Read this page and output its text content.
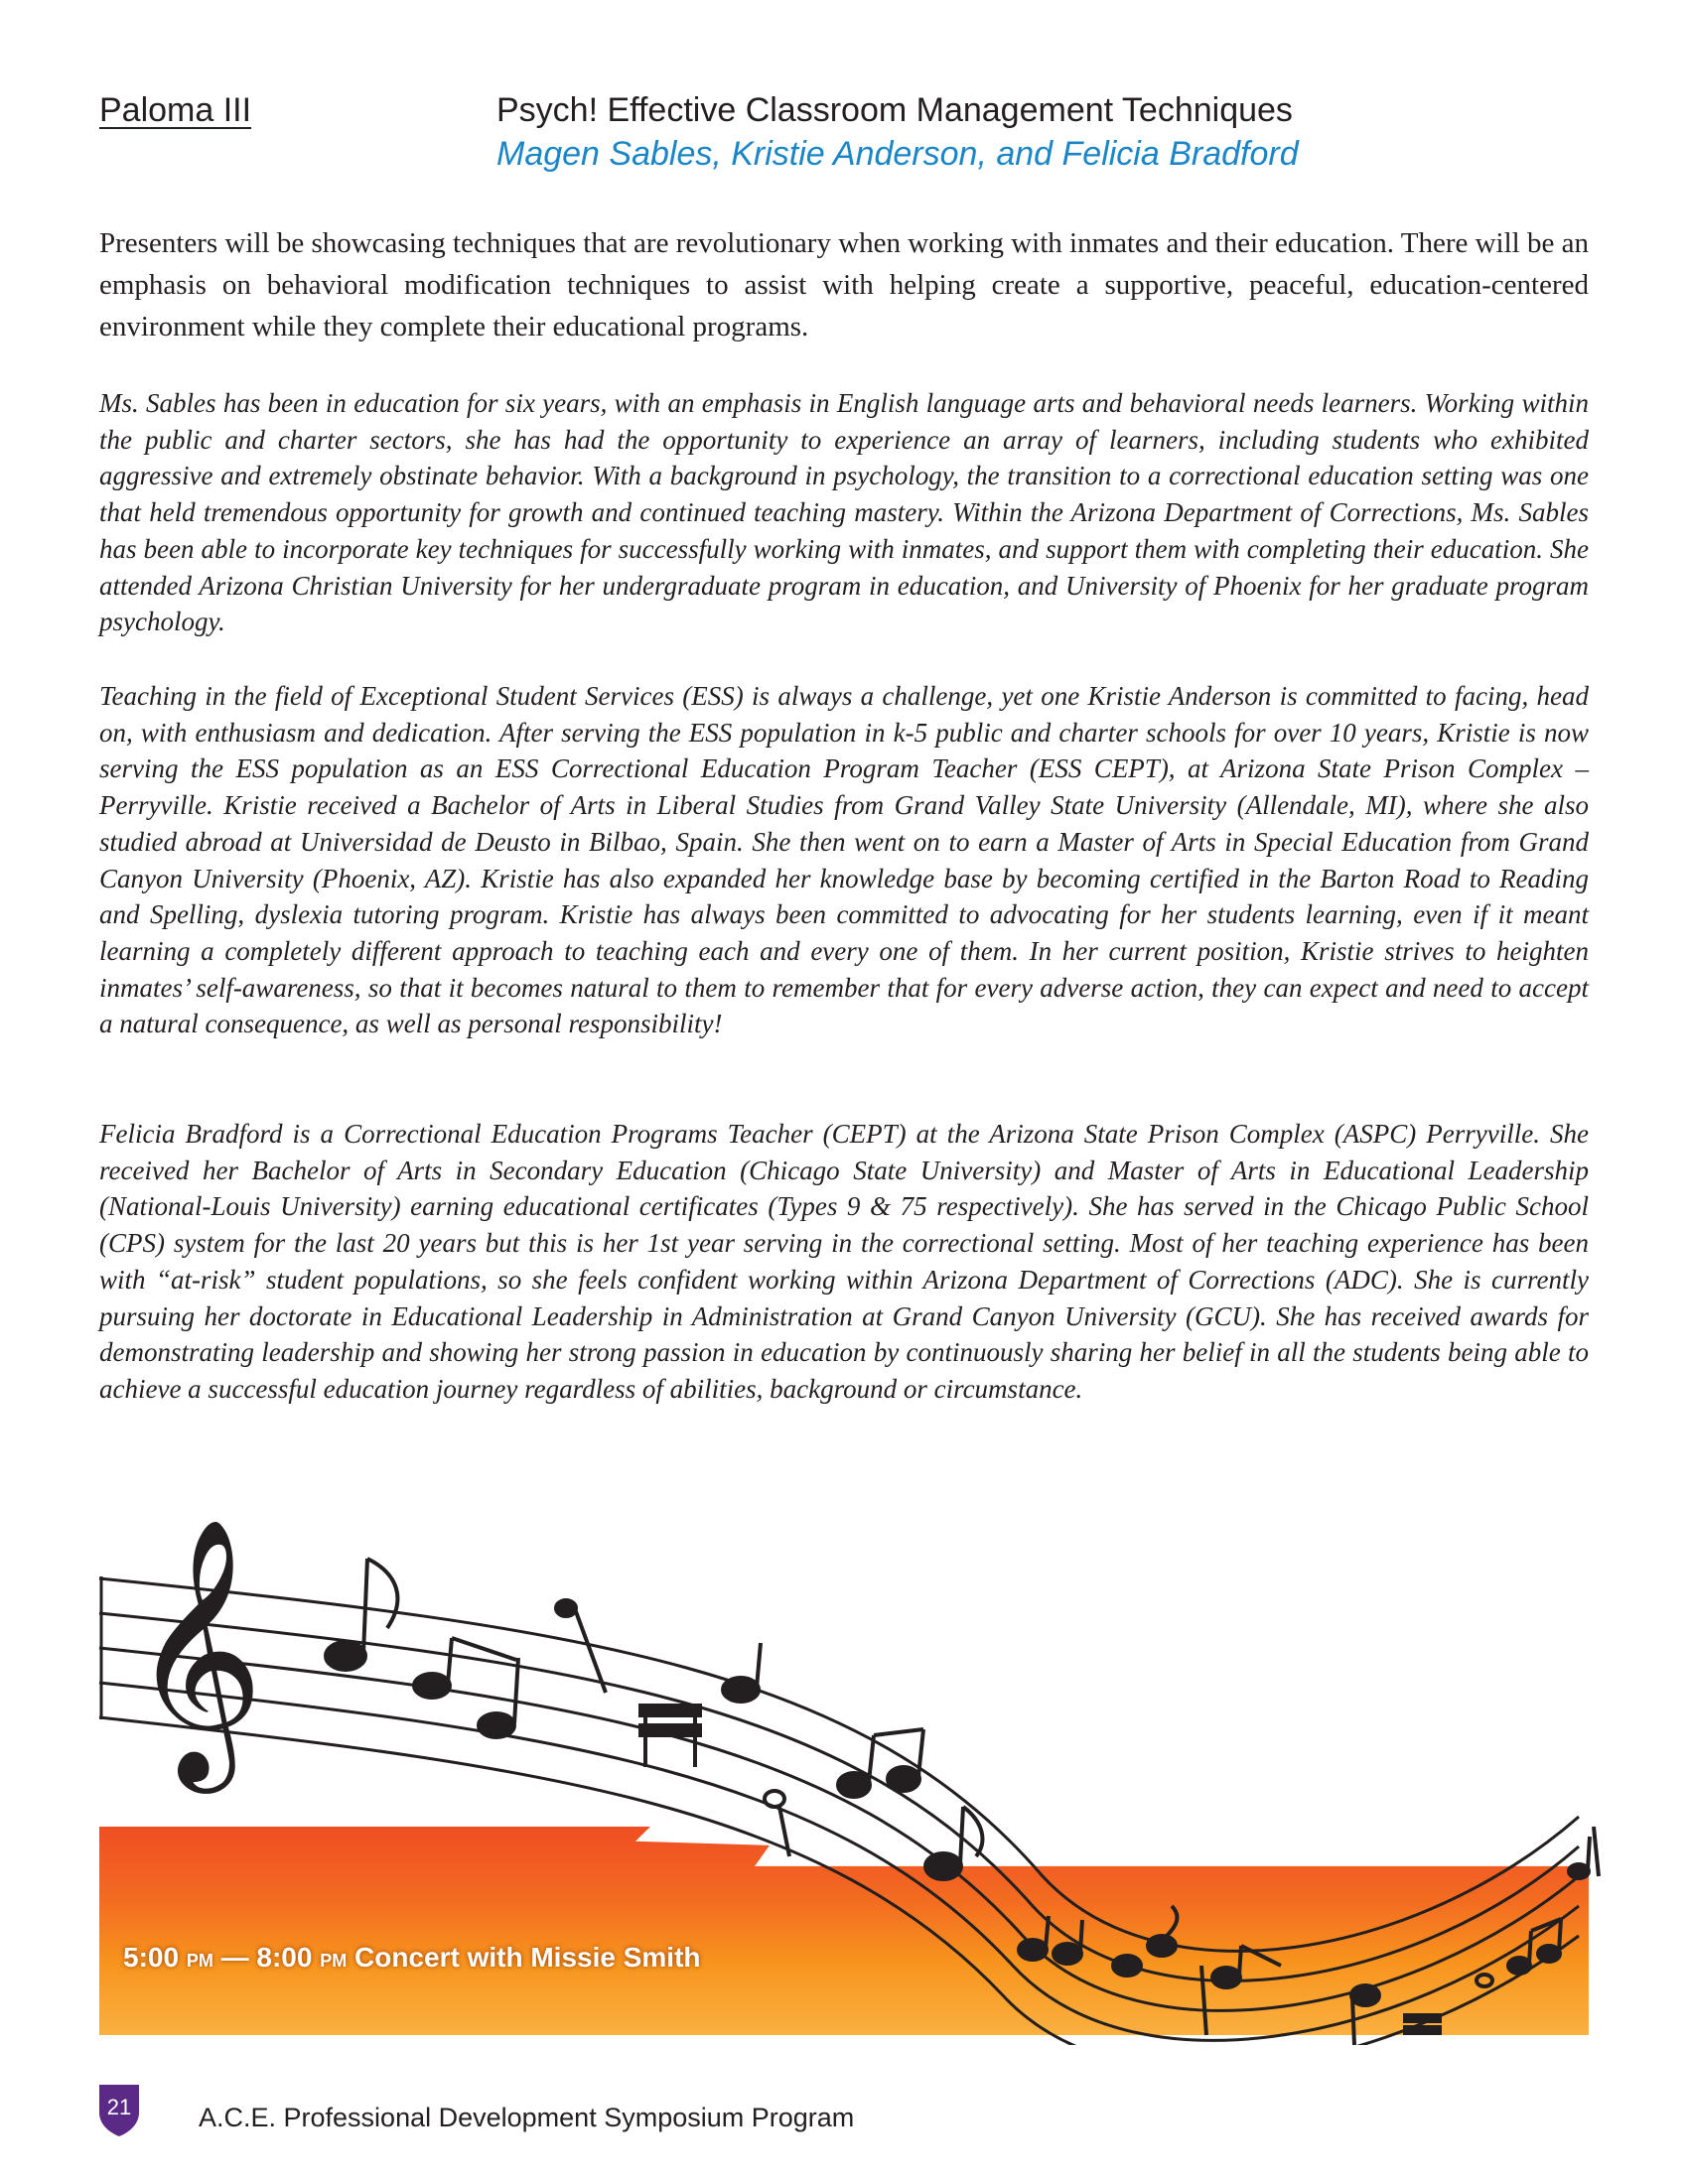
Paloma III	Psych! Effective Classroom Management Techniques
Magen Sables, Kristie Anderson, and Felicia Bradford

Presenters will be showcasing techniques that are revolutionary when working with inmates and their education. There will be an emphasis on behavioral modification techniques to assist with helping create a supportive, peaceful, education-centered environment while they complete their educational programs.

Ms. Sables has been in education for six years, with an emphasis in English language arts and behavioral needs learners. Working within the public and charter sectors, she has had the opportunity to experience an array of learners, including students who exhibited aggressive and extremely obstinate behavior. With a background in psychology, the transition to a correctional education setting was one that held tremendous opportunity for growth and continued teaching mastery. Within the Arizona Department of Corrections, Ms. Sables has been able to incorporate key techniques for successfully working with inmates, and support them with completing their education. She attended Arizona Christian University for her undergraduate program in education, and University of Phoenix for her graduate program psychology.

Teaching in the field of Exceptional Student Services (ESS) is always a challenge, yet one Kristie Anderson is committed to facing, head on, with enthusiasm and dedication. After serving the ESS population in k-5 public and charter schools for over 10 years, Kristie is now serving the ESS population as an ESS Correctional Education Program Teacher (ESS CEPT), at Arizona State Prison Complex – Perryville. Kristie received a Bachelor of Arts in Liberal Studies from Grand Valley State University (Allendale, MI), where she also studied abroad at Universidad de Deusto in Bilbao, Spain. She then went on to earn a Master of Arts in Special Education from Grand Canyon University (Phoenix, AZ). Kristie has also expanded her knowledge base by becoming certified in the Barton Road to Reading and Spelling, dyslexia tutoring program. Kristie has always been committed to advocating for her students learning, even if it meant learning a completely different approach to teaching each and every one of them. In her current position, Kristie strives to heighten inmates’ self-awareness, so that it becomes natural to them to remember that for every adverse action, they can expect and need to accept a natural consequence, as well as personal responsibility!

Felicia Bradford is a Correctional Education Programs Teacher (CEPT) at the Arizona State Prison Complex (ASPC) Perryville. She received her Bachelor of Arts in Secondary Education (Chicago State University) and Master of Arts in Educational Leadership (National-Louis University) earning educational certificates (Types 9 & 75 respectively). She has served in the Chicago Public School (CPS) system for the last 20 years but this is her 1st year serving in the correctional setting. Most of her teaching experience has been with “at-risk” student populations, so she feels confident working within Arizona Department of Corrections (ADC). She is currently pursuing her doctorate in Educational Leadership in Administration at Grand Canyon University (GCU). She has received awards for demonstrating leadership and showing her strong passion in education by continuously sharing her belief in all the students being able to achieve a successful education journey regardless of abilities, background or circumstance.

𝄞
5:00 PM — 8:00 PM Concert with Missie Smith
21	A.C.E. Professional Development Symposium Program
